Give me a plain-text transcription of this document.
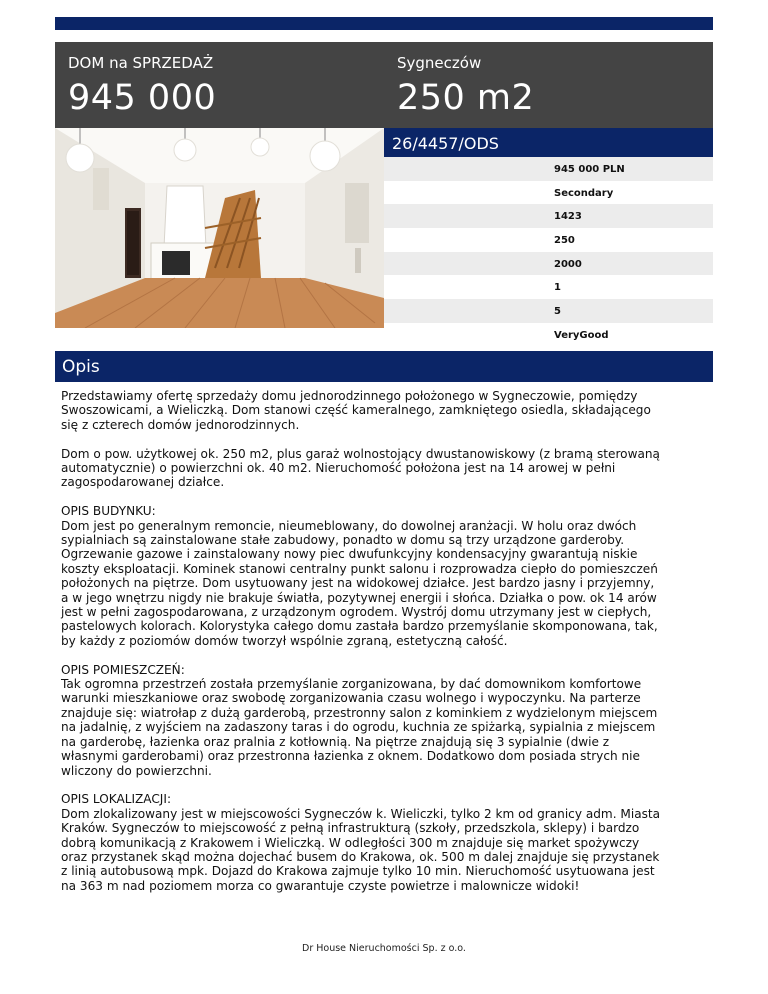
DOM na SPRZEDAŻ
945 000
Sygneczów
250 m2
26/4457/ODS
945 000 PLN
Secondary
1423
250
2000
1
5
VeryGood
Opis

Przedstawiamy ofertę sprzedaży domu jednorodzinnego położonego w Sygneczowie, pomiędzy
Swoszowicami, a Wieliczką. Dom stanowi część kameralnego, zamkniętego osiedla, składającego
się z czterech domów jednorodzinnych.

Dom o pow. użytkowej ok. 250 m2, plus garaż wolnostojący dwustanowiskowy (z bramą sterowaną
automatycznie) o powierzchni ok. 40 m2. Nieruchomość położona jest na 14 arowej w pełni
zagospodarowanej działce.

OPIS BUDYNKU:
Dom jest po generalnym remoncie, nieumeblowany, do dowolnej aranżacji. W holu oraz dwóch
sypialniach są zainstalowane stałe zabudowy, ponadto w domu są trzy urządzone garderoby.
Ogrzewanie gazowe i zainstalowany nowy piec dwufunkcyjny kondensacyjny gwarantują niskie
koszty eksploatacji. Kominek stanowi centralny punkt salonu i rozprowadza ciepło do pomieszczeń
położonych na piętrze. Dom usytuowany jest na widokowej działce. Jest bardzo jasny i przyjemny,
a w jego wnętrzu nigdy nie brakuje światła, pozytywnej energii i słońca. Działka o pow. ok 14 arów
jest w pełni zagospodarowana, z urządzonym ogrodem. Wystrój domu utrzymany jest w ciepłych,
pastelowych kolorach. Kolorystyka całego domu zastała bardzo przemyślanie skomponowana, tak,
by każdy z poziomów domów tworzył wspólnie zgraną, estetyczną całość.

OPIS POMIESZCZEŃ:
Tak ogromna przestrzeń została przemyślanie zorganizowana, by dać domownikom komfortowe
warunki mieszkaniowe oraz swobodę zorganizowania czasu wolnego i wypoczynku. Na parterze
znajduje się: wiatrołap z dużą garderobą, przestronny salon z kominkiem z wydzielonym miejscem
na jadalnię, z wyjściem na zadaszony taras i do ogrodu, kuchnia ze spiżarką, sypialnia z miejscem
na garderobę, łazienka oraz pralnia z kotłownią. Na piętrze znajdują się 3 sypialnie (dwie z
własnymi garderobami) oraz przestronna łazienka z oknem. Dodatkowo dom posiada strych nie
wliczony do powierzchni.

OPIS LOKALIZACJI:
Dom zlokalizowany jest w miejscowości Sygneczów k. Wieliczki, tylko 2 km od granicy adm. Miasta
Kraków. Sygneczów to miejscowość z pełną infrastrukturą (szkoły, przedszkola, sklepy) i bardzo
dobrą komunikacją z Krakowem i Wieliczką. W odległości 300 m znajduje się market spożywczy
oraz przystanek skąd można dojechać busem do Krakowa, ok. 500 m dalej znajduje się przystanek
z linią autobusową mpk. Dojazd do Krakowa zajmuje tylko 10 min. Nieruchomość usytuowana jest
na 363 m nad poziomem morza co gwarantuje czyste powietrze i malownicze widoki!

Dr House Nieruchomości Sp. z o.o.
